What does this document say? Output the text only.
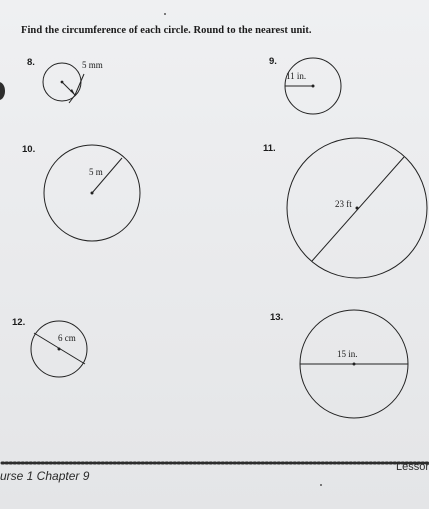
Find the circumference of each circle. Round to the nearest unit.
8.	9.
10.	11.
12.	13.
5 mm
11 in.
5 m
23 ft
6 cm
15 in.
urse 1 Chapter 9
Lessor
